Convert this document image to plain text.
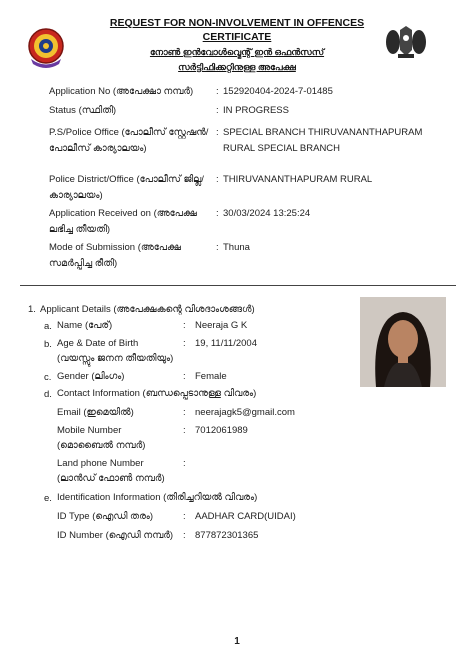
REQUEST FOR NON-INVOLVEMENT IN OFFENCES
CERTIFICATE
നോൺ ഇൻവോൾവ്മെന്റ് ഇൻ ഒഫൻസസ്
സർട്ടിഫിക്കറ്റിനുള്ള അപേക്ഷ
Application No (അപേക്ഷാ നമ്പർ) : 152920404-2024-7-01485
Status (സ്ഥിതി)	: IN PROGRESS
P.S/Police Office (പോലീസ് സ്റ്റേഷൻ/
പോലീസ് കാര്യാലയം)
: SPECIAL BRANCH THIRUVANANTHAPURAM
RURAL SPECIAL BRANCH
Police District/Office (പോലീസ് ജില്ല/
കാര്യാലയം)
: THIRUVANANTHAPURAM RURAL
Application Received on (അപേക്ഷ
ലഭിച്ച തീയതി)
: 30/03/2024 13:25:24
Mode of Submission (അപേക്ഷ
സമർപ്പിച്ച രീതി)
: Thuna
1. Applicant Details (അപേക്ഷകന്റെ വിശദാംശങ്ങൾ)
a. Name (പേര്)	: Neeraja G K
b. Age & Date of Birth
(വയസ്സും ജനന തീയതിയും)
: 19, 11/11/2004
c. Gender (ലിംഗം)	: Female
d. Contact Information (ബന്ധപ്പെടാനുള്ള വിവരം)
Email (ഇമെയിൽ)	: neerajagk5@gmail.com
Mobile Number
(മൊബൈൽ നമ്പർ)
: 7012061989
Land phone Number
(ലാൻഡ് ഫോൺ നമ്പർ)
:
e. Identification Information (തിരിച്ചറിയൽ വിവരം)
ID Type (ഐഡി തരം)	: AADHAR CARD(UIDAI)
ID Number (ഐഡി നമ്പർ) : 877872301365
1
